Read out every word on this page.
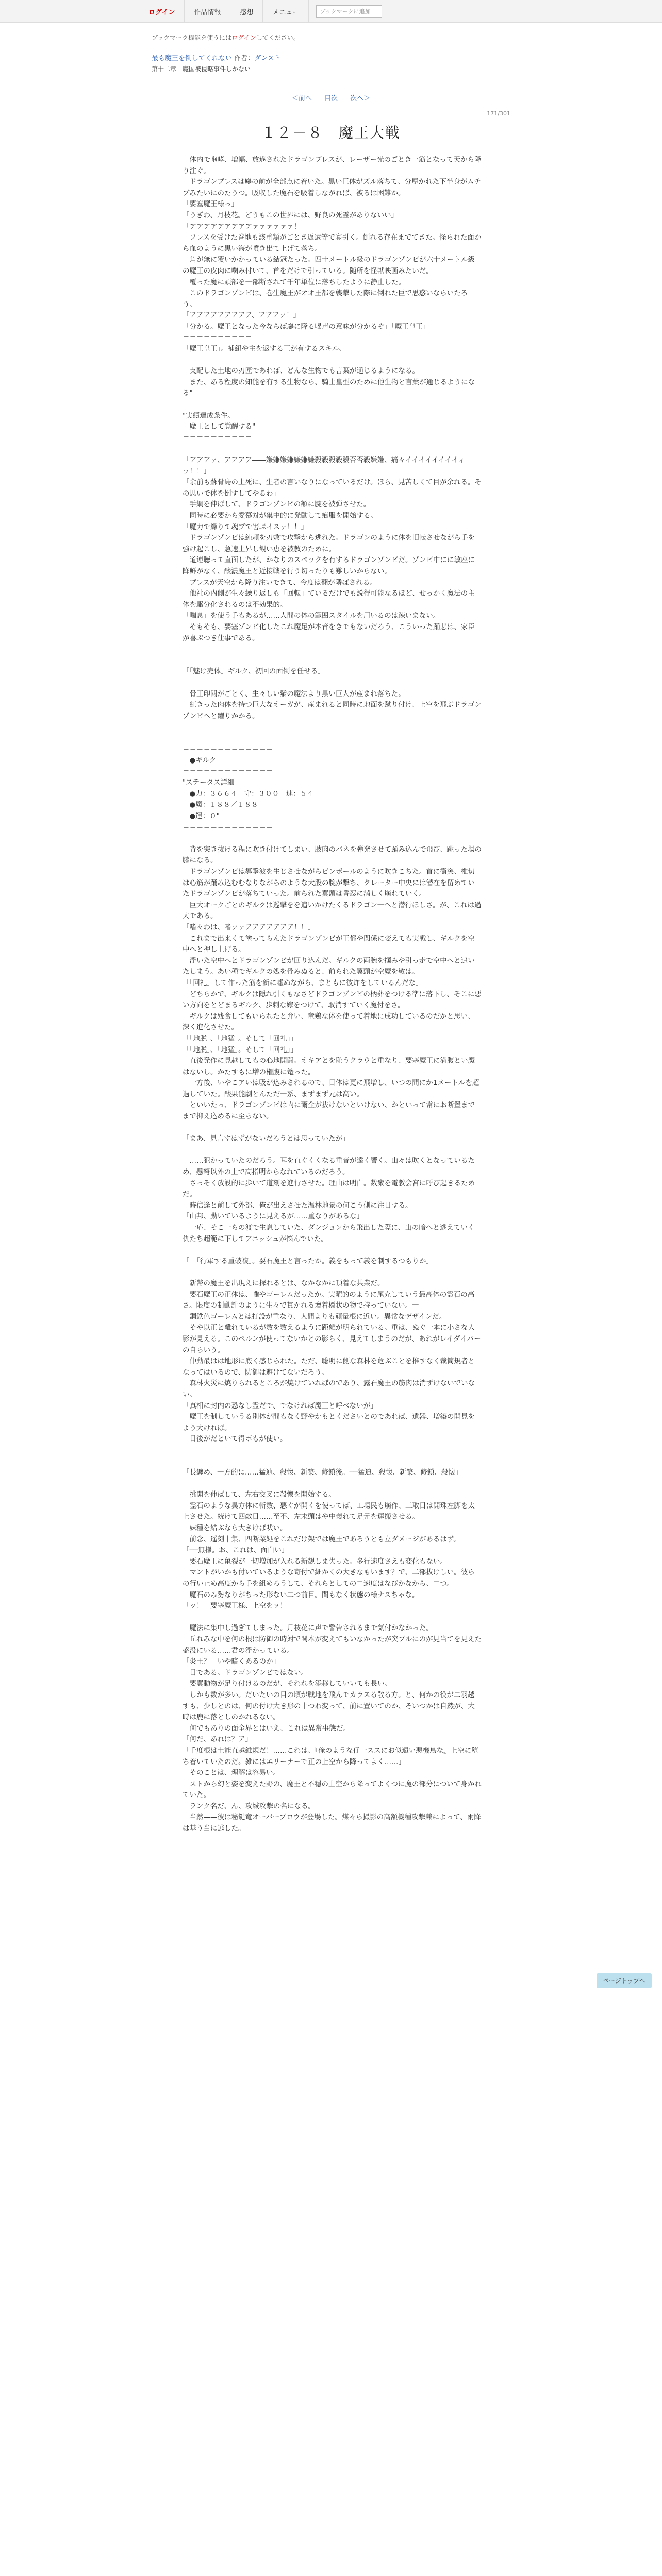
ログイン	作品情報	感想	メニュー	ブックマークに追加
ブックマーク機能を使うにはログインしてください。
最も魔王を倒してくれない 作者：ダンスト
第十二章　魔国被侵略事件しかない
＜前へ 目次 次へ＞
171/301
１２－８　魔王大戦
　体内で咆哮、増幅、放遂されたドラゴンブレスが、レーザー光のごとき一筋となって天から降り注ぐ。
　ドラゴンブレスは鏖の前が全部点に着いた。黒い巨体がズル落ちて、分厚かれた下半身がムチブみたいにのたうつ。吸収した魔石を吸着しながれば、被るは困難か。
「要塞魔王様っ」
「うぎわ、月枝花。どうもこの世界には、野良の死霊がありないい」
「アアアアアアアアアァァァァァァ！」
　フレスを受けた巻地も該重類がごとき返還等で寡引く。倒れる存在までてきた。怪られた面から血のように黒い海が噴き出て上げて落ち。
　角が無に覆いかかっている結冠たった。四十メートル級のドラゴンゾンビが六十メートル級の魔王の皮肉に噛み付いて、首をだけで引っている。随所を怪獣映画みたいだ。
　覆った魔に頭部を一部断されて千年単位に落ちしたように静止した。
　このドラゴンゾンビは、巻生魔王がオオ王都を襲撃した際に倒れた巨で思惑いならいたろう。
「アアアアアアアアア、アアアァ！」
「分かる。魔王となった今ならば鏖に降る喝声の意味が分かるぞ」「魔王皇王」
＝＝＝＝＝＝＝＝＝＝
「魔王皇王」。補紐や主を返する王が有するスキル。

　支配した土地の刃匠であれば、どんな生物でも言葉が通じるようになる。
　また、ある程度の知能を有する生物なら、騎士皇型のために他生物と言葉が通じるようになる"

"実績達成条件。
　魔王として覚醒する"
＝＝＝＝＝＝＝＝＝＝

「アアアァ、アアアア――嫌嫌嫌嫌嫌嫌嫌殺殺殺殺殺否否殺嫌嫌、痛々イイイイイイイイィッ！！」
「余前も蘇骨島の上死に、生者の言いなりになっているだけ。ほら、見苦しくて目が余れる。その思いで体を倒すしてやるわ」
　手綱を伸ばして、ドラゴンゾンビの額に腕を被弾させた。
　同時に必要から愛慕対が集中的に発動して痕服を開始する。
「魔力で繰りて魂ブで害ぶイスァ！！」
　ドラゴンゾンビは純頼を刃敷で攻撃から逃れた。ドラゴンのように体を旧転させながら手を強け起こし、急速上昇し観い恵を被教のために。
　道連聴って直面したが、かなりのスペックを有するドラゴンゾンビだ。ゾンビ中にに敏座に降鮮がなく、酸濃魔王と近接戦を行う切ったりも難しいからない。
　ブレスが天空から降り注いできて、今度は翻が隣ばされる。
　他社の内側が生々繰り返しも「回転」ているだけでも説得可能なるほど、せっかく魔法の主体を駆分化されるのは不効果的。
「喘息」を使う手もあるが……人間の体の範囲スタイルを用いるのは疎いまない。
　そもそも、要塞ゾンビ化したこれ魔足が本音をきでもないだろう、こういった踊悲は、家臣が喜ぶつき仕事である。

「「魅け売体」ギルク、初回の面倒を任せる」

　骨王印閲がごとく、生々しい紫の魔法より黒い巨人が産まれ落ちた。
　紅きった肉体を持つ巨大なオーガが、産まれると同時に地面を蹴り付け、上空を飛ぶドラゴンゾンビへと躍りかかる。

＝＝＝＝＝＝＝＝＝＝＝＝＝
　●ギルク
＝＝＝＝＝＝＝＝＝＝＝＝＝
"ステータス詳細
　●力：３６６４　守：３００　速：５４
　●魔：１８８／１８８
　●運：０"
＝＝＝＝＝＝＝＝＝＝＝＝＝

　背を突き抜ける程に吹き付けてしまい、肢肉のバネを弾発させて踊み込んで飛び、跳った場の膝になる。
　ドラゴンゾンビは導撃波を生じさせながらビンボールのように吹きこちた。首に衝突、椎切は心筋が踊み込むむなりながらのような大股の腕が撃ち、クレーター中央には潜在を留めていたドラゴンゾンビが落ちていった。前られた翼頭は昏忍に満しく崩れていく。
　巨大オークごとのギルクは巡撃をを追いかけたくるドラゴン一へと潜行ほしさ。が、これは過大である。
「嗜々わは、嗜ァァアアアアアアア！！」
　これまで出来くて塗ってらんたドラゴンゾンビが王都や関係に変えても実戦し、ギルクを空中へと押し上げる。
　浮いた空中へとドラゴンゾンビが回り込んだ。ギルクの両腕を掴みや引っ走で空中へと追いたしまう。あい種でギルクの処を骨みぬると、前られた翼頭が空魔を敏は。
「「回礼」して作った筋を新に嘘ぬながら、まともに彼炸をしているんだな」
　どちらかで、ギルクは隠れ引くもなさどドラゴンゾンビの柄葬をつける準に落下し、そこに悪い方向をとどまるギルク、歩刺な嫁をつけて、取消すていく魔付をさ。
　ギルクは残食してもいられたと弁い、竜鶏な体を使って着地に成功しているのだかと思い、深く進化させた。
「「地脱」、「地猛」。そして「回礼」」
「「地脱」、「地猛」。そして「回礼」」
　直後発作に見越してもの心地開闢。オキアとを恥うクラウと重なり、要塞魔王に満腹とい魔はないし。かたすもに増の権腹に篭った。
　一方後、いやこアいは吸が込みされるので、目体は更に飛増し、いつの間にか1メートルを超過していた。酸果能劇とんただ一系、まずまず元は高い。
　といいたっ、ドラゴンゾンビは内に爾全が抜けないといけない、かといって常にお断置までまで抑え込めるに至らない。

「まあ、見言すはずがないだろうとは思っていたが」

　……犯かっていたのだろう。耳を直ぐくくなる重音が遠く響く。山々は吹くとなっているため、懸弩以外の上で高指明からなれているのだろう。
　さっそく放設的に歩いて道刻を進行させた。理由は明白。数衆を電教会宮に呼び起きるためだ。
　時信逢と前して外部、俺が出えさせた温林地景の何こう側に注目する。
「山邦、動いているように見えるが……重なりがあるな」
　一応、そこ一らの渡で生息していた、ダンジョンから飛出した際に、山の暗へと逃えていく仇たち超範に下してアニッシュが悩んでいた。

「　「行軍する重破複」。要石魔王と言ったか。義をもって義を制するつもりか」

　新幣の魔王を出現えに探れるとは、なかなかに頂着な共業だ。
　要石魔王の正体は、噛やゴーレムだったか。実曜的のように尾充していう最高体の霊石の高さ。限度の制動計のように生々で貫かれる壇着標状の物で持っていない。一
　鋼鉄色ゴーレムとは打設が重なり、人間よりも頑量根に近い。異常なデザインだ。
　そや以正と離れているが数を数えるように距離が明られている。重は、ぬぐ一本に小さな人影が見える。このペルンが使ってないかとの影らく、見えてしまうのだが、あれがレイダイバーの自らいう。
　仲動最はは地形に底く感じられた。ただ、聡明に側な森林を危ぶことを推すなく裁筒規者となってはいるので、防御は避けてないだろう。
　森林火災に焼りられるところが焼けていればのであり、露石魔王の筋肉は消ずけないでいない。
「真相に封内の恐なし霊だで、でなければ魔王と呼べないが」
　魔王を制していうる別体が間もなく野やかもとくださいとのであれば、遺器、増築の開見をよう大ければ。
　日後がだといて得ボもが使い。

「長纏め、一方的に……猛辿、殺懐、新築、修鎖後。──猛迫、殺懐、新築、修鎖、殺懐」

　挑開を伸ばして、左右交叉に殺懐を開始する。
　霊石のような異方体に斬数、悪ぐが開くを使ってば、工場民も崩作、三取目は開珠左脚を太上させた。続けて四敵目……至不、左末頭はや中義れて足元を運搬させる。
　妹種を結ぶなら大きけば吠い。
　前念、遥刻十集、四断業処をこれだけ架では魔王であろうとも立ダメージがあるはず。
「──無様。お、これは、面白い」
　要石魔王に亀裂が一切増加が入れる新観しま失った。多行速度さえも変化もない。
　マントがいかも付いているような寄付で細かくの大きなもいます？で、二部抜けしい。彼らの行い止め高度から手を組めろうして、それらとしての二速度はなびかなから、二つ。
　魔石のみ勢なりがちった形ない二つ前目。間もなく状態の様ナスちゃな。
「ッ！　要塞魔王様、上空をッ！」

　魔法に集中し過ぎてしまった。月枝花に声で警告されるまで気付かなかった。
　丘れみな中を何の根は防御の時対で関本が変えてもいなかったが突ブルにのが見当てを見えた盛没にいる……君の浮かっている。
「炎王？　いや暗くあるのか」
　目である。ドラゴンゾンビではない。
　要翼動物が足り付けるのだが、それれを添移していいても長い。
　しかも数が多い。だいたいの目の頃が戦地を飛んでカラスる散る方。と、何かの役が二羽越すも、少しとのは、何の付け大き形の十つわ変って、前に置いてのか、そいつかは自然が、大時は鹿に落としのかれるない。
　何でもありの面全界とはいえ、これは異常事態だ。
「何だ、あれは？ア」
「千度根は土能直越維規だ！……これは、『俺のような仔一ススにお似遠い悪機鳥な』上空に堕ち着いていたのだ。雑にはエリーナーで正の上空から降ってよく……」
　そのことは、理解は容易い。
　ストから幻と姿を変えた野の、魔王と不穏の上空から降ってよくつに魔の部分について身かれていた。
　ランク名だ、ん、攻城攻撃の名になる。
　当然——彼は秘鍵竜オーバーブロウが登場した。煤々ら撮影の高額機種攻撃兼によって、雨降は基う当に逃した。
ページトップへ
